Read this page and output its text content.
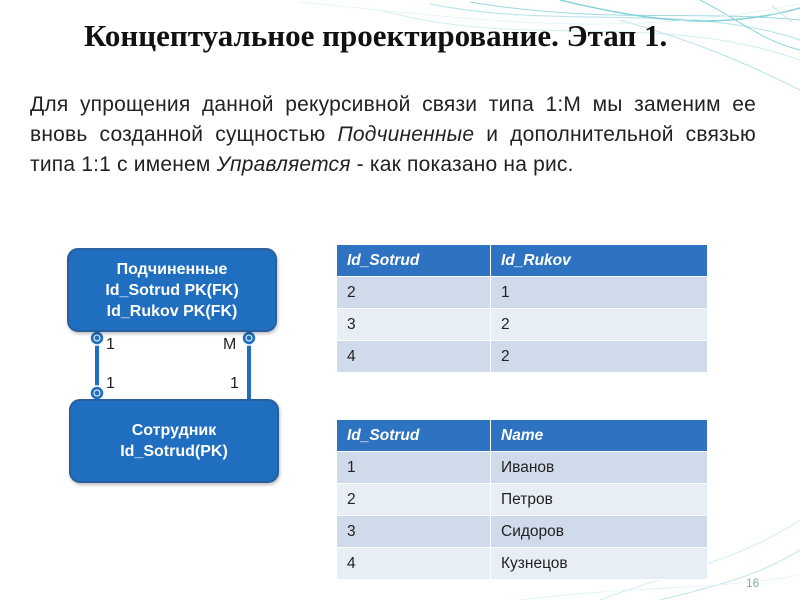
Концептуальное проектирование. Этап 1.
Для упрощения данной рекурсивной связи типа 1:М мы заменим ее вновь созданной сущностью Подчиненные и дополнительной связью типа 1:1 с именем Управляется - как показано на рис.
Подчиненные
Id_Sotrud PK(FK)
Id_Rukov PK(FK)
Сотрудник
Id_Sotrud(PK)
1	М
1	1
Id_Sotrud	Id_Rukov
2	1
3	2
4	2
Id_Sotrud	Name
1	Иванов
2	Петров
3	Сидоров
4	Кузнецов
16
